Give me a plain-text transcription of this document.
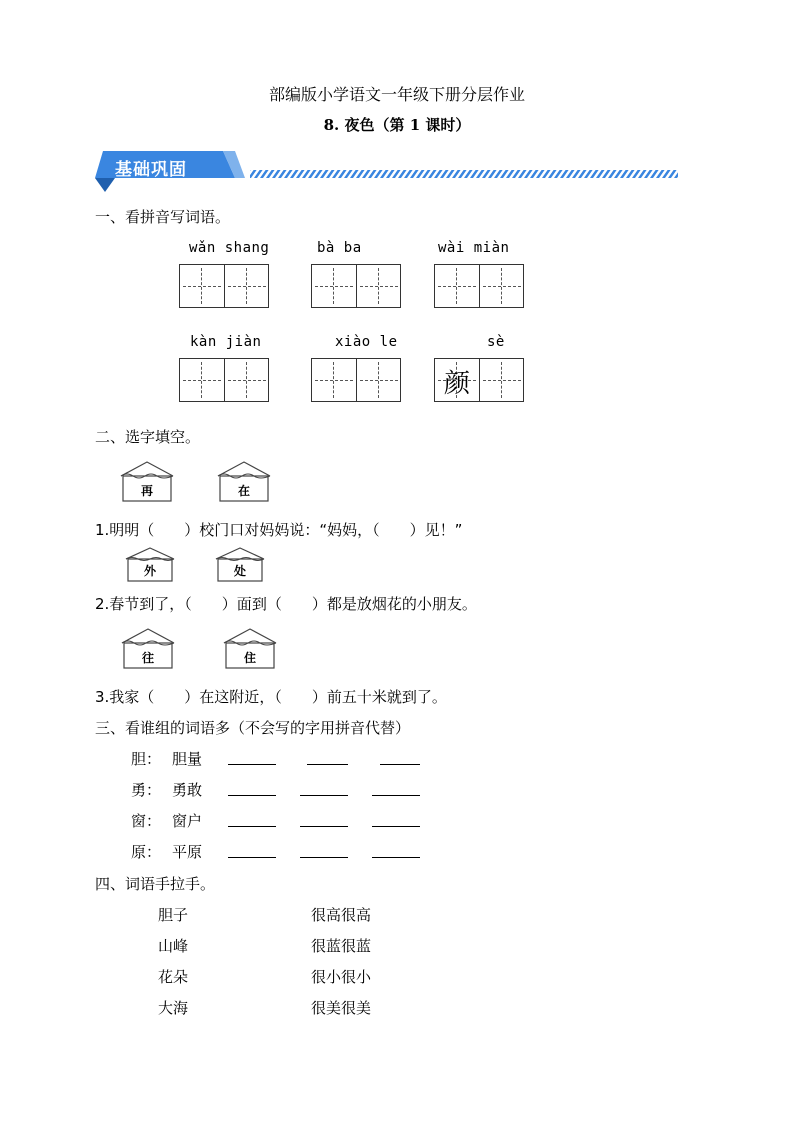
部编版小学语文一年级下册分层作业
8. 夜色（第 1 课时）
基础巩固
一、看拼音写词语。
wǎn shang	bà ba	wài miàn
kàn jiàn	xiào le	sè
颜
二、选字填空。
再	在
1.明明（　　）校门口对妈妈说：“妈妈，（　　）见！”
外	处
2.春节到了，（　　）面到（　　）都是放烟花的小朋友。
往	住
3.我家（　　）在这附近，（　　）前五十米就到了。
三、看谁组的词语多（不会写的字用拼音代替）
胆： 胆量
勇： 勇敢
窗： 窗户
原： 平原
四、词语手拉手。
胆子	很高很高
山峰	很蓝很蓝
花朵	很小很小
大海	很美很美
